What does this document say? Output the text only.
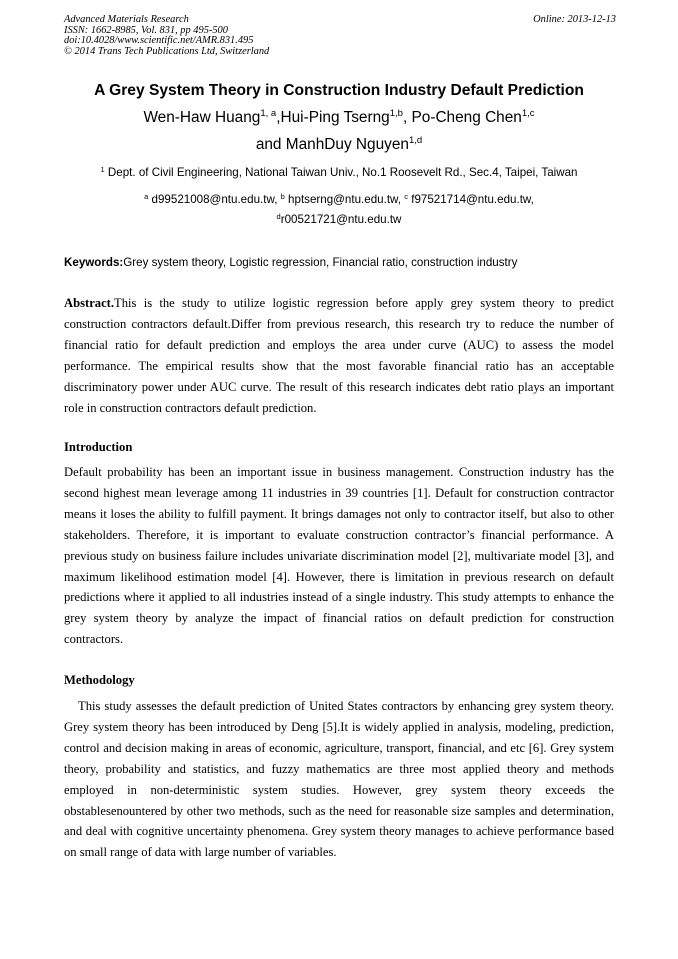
Advanced Materials Research
ISSN: 1662-8985, Vol. 831, pp 495-500
doi:10.4028/www.scientific.net/AMR.831.495
© 2014 Trans Tech Publications Ltd, Switzerland
Online: 2013-12-13
A Grey System Theory in Construction Industry Default Prediction
Wen-Haw Huang$^{1, a}$,Hui-Ping Tserng$^{1,b}$, Po-Cheng Chen$^{1,c}$
and ManhDuy Nguyen$^{1,d}$
$^1$ Dept. of Civil Engineering, National Taiwan Univ., No.1 Roosevelt Rd., Sec.4, Taipei, Taiwan
$^a$ d99521008@ntu.edu.tw, $^b$ hptserng@ntu.edu.tw, $^c$ f97521714@ntu.edu.tw,
$^d$r00521721@ntu.edu.tw
Keywords:Grey system theory, Logistic regression, Financial ratio, construction industry
Abstract.This is the study to utilize logistic regression before apply grey system theory to predict construction contractors default.Differ from previous research, this research try to reduce the number of financial ratio for default prediction and employs the area under curve (AUC) to assess the model performance. The empirical results show that the most favorable financial ratio has an acceptable discriminatory power under AUC curve. The result of this research indicates debt ratio plays an important role in construction contractors default prediction.
Introduction
Default probability has been an important issue in business management. Construction industry has the second highest mean leverage among 11 industries in 39 countries [1]. Default for construction contractor means it loses the ability to fulfill payment. It brings damages not only to contractor itself, but also to other stakeholders. Therefore, it is important to evaluate construction contractor’s financial performance. A previous study on business failure includes univariate discrimination model [2], multivariate model [3], and maximum likelihood estimation model [4]. However, there is limitation in previous research on default predictions where it applied to all industries instead of a single industry. This study attempts to enhance the grey system theory by analyze the impact of financial ratios on default prediction for construction contractors.
Methodology
This study assesses the default prediction of United States contractors by enhancing grey system theory. Grey system theory has been introduced by Deng [5].It is widely applied in analysis, modeling, prediction, control and decision making in areas of economic, agriculture, transport, financial, and etc [6]. Grey system theory, probability and statistics, and fuzzy mathematics are three most applied theory and methods employed in non-deterministic system studies. However, grey system theory exceeds the obstablesenountered by other two methods, such as the need for reasonable size samples and determination, and deal with cognitive uncertainty phenomena. Grey system theory manages to achieve performance based on small range of data with large number of variables.
